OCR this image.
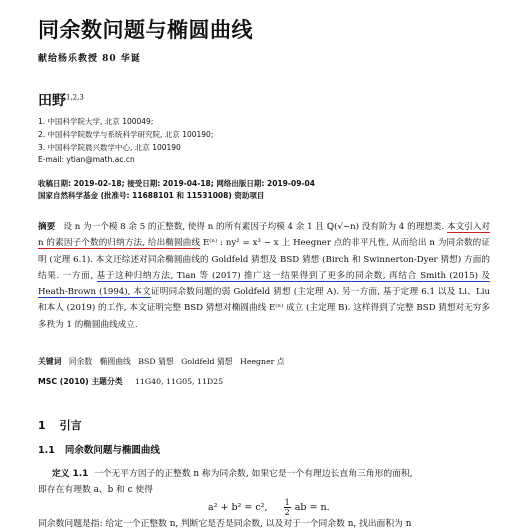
同余数问题与椭圆曲线
献给杨乐教授 80 华诞
田野$^{1,2,3}$
1. 中国科学院大学, 北京 100049;
2. 中国科学院数学与系统科学研究院, 北京 100190;
3. 中国科学院晨兴数学中心, 北京 100190
E-mail: ytian@math.ac.cn
收稿日期: 2019-02-18; 接受日期: 2019-04-18; 网络出版日期: 2019-09-04
国家自然科学基金 (批准号: 11688101 和 11531008) 资助项目
摘要 设 n 为一个模 8 余 5 的正整数, 使得 n 的所有素因子均模 4 余 1 且 ℚ(√−n) 没有阶为 4 的理想类. 本文引入对 n 的素因子个数的归纳方法, 给出椭圆曲线 E⁽ⁿ⁾ : ny² = x³ − x 上 Heegner 点的非平凡性, 从而给出 n 为同余数的证明 (定理 6.1). 本文还综述对同余椭圆曲线的 Goldfeld 猜想及 BSD 猜想 (Birch 和 Swinnerton-Dyer 猜想) 方面的结果. 一方面, 基于这种归纳方法, Tian 等 (2017) 推广这一结果得到了更多的同余数, 再结合 Smith (2015) 及 Heath-Brown (1994), 本文证明同余数问题的弱 Goldfeld 猜想 (主定理 A). 另一方面, 基于定理 6.1 以及 Li、Liu 和本人 (2019) 的工作, 本文证明完整 BSD 猜想对椭圆曲线 E⁽ⁿ⁾ 成立 (主定理 B). 这样得到了完整 BSD 猜想对无穷多多秩为 1 的椭圆曲线成立.
关键词 同余数 椭圆曲线 BSD 猜想 Goldfeld 猜想 Heegner 点
MSC (2010) 主题分类 11G40, 11G05, 11D25
1 引言
1.1 同余数问题与椭圆曲线
定义 1.1 一个无平方因子的正整数 n 称为同余数, 如果它是一个有理边长直角三角形的面积,
即存在有理数 a、b 和 c 使得
a² + b² = c², $\frac{1}{2}$ ab = n.
同余数问题是指: 给定一个正整数 n, 判断它是否是同余数, 以及对于一个同余数 n, 找出面积为 n
